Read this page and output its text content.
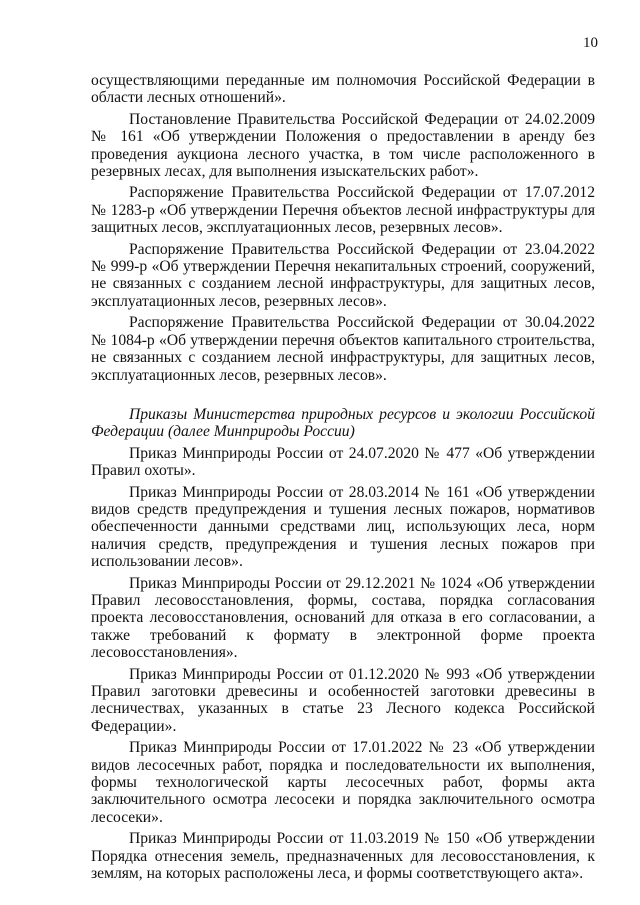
10

осуществляющими переданные им полномочия Российской Федерации в области лесных отношений».

Постановление Правительства Российской Федерации от 24.02.2009 № 161 «Об утверждении Положения о предоставлении в аренду без проведения аукциона лесного участка, в том числе расположенного в резервных лесах, для выполнения изыскательских работ».

Распоряжение Правительства Российской Федерации от 17.07.2012 № 1283-р «Об утверждении Перечня объектов лесной инфраструктуры для защитных лесов, эксплуатационных лесов, резервных лесов».

Распоряжение Правительства Российской Федерации от 23.04.2022 № 999-р «Об утверждении Перечня некапитальных строений, сооружений, не связанных с созданием лесной инфраструктуры, для защитных лесов, эксплуатационных лесов, резервных лесов».

Распоряжение Правительства Российской Федерации от 30.04.2022 № 1084-р «Об утверждении перечня объектов капитального строительства, не связанных с созданием лесной инфраструктуры, для защитных лесов, эксплуатационных лесов, резервных лесов».

Приказы Министерства природных ресурсов и экологии Российской Федерации (далее Минприроды России)

Приказ Минприроды России от 24.07.2020 № 477 «Об утверждении Правил охоты».

Приказ Минприроды России от 28.03.2014 № 161 «Об утверждении видов средств предупреждения и тушения лесных пожаров, нормативов обеспеченности данными средствами лиц, использующих леса, норм наличия средств, предупреждения и тушения лесных пожаров при использовании лесов».

Приказ Минприроды России от 29.12.2021 № 1024 «Об утверждении Правил лесовосстановления, формы, состава, порядка согласования проекта лесовосстановления, оснований для отказа в его согласовании, а также требований к формату в электронной форме проекта лесовосстановления».

Приказ Минприроды России от 01.12.2020 № 993 «Об утверждении Правил заготовки древесины и особенностей заготовки древесины в лесничествах, указанных в статье 23 Лесного кодекса Российской Федерации».

Приказ Минприроды России от 17.01.2022 № 23 «Об утверждении видов лесосечных работ, порядка и последовательности их выполнения, формы технологической карты лесосечных работ, формы акта заключительного осмотра лесосеки и порядка заключительного осмотра лесосеки».

Приказ Минприроды России от 11.03.2019 № 150 «Об утверждении Порядка отнесения земель, предназначенных для лесовосстановления, к землям, на которых расположены леса, и формы соответствующего акта».
